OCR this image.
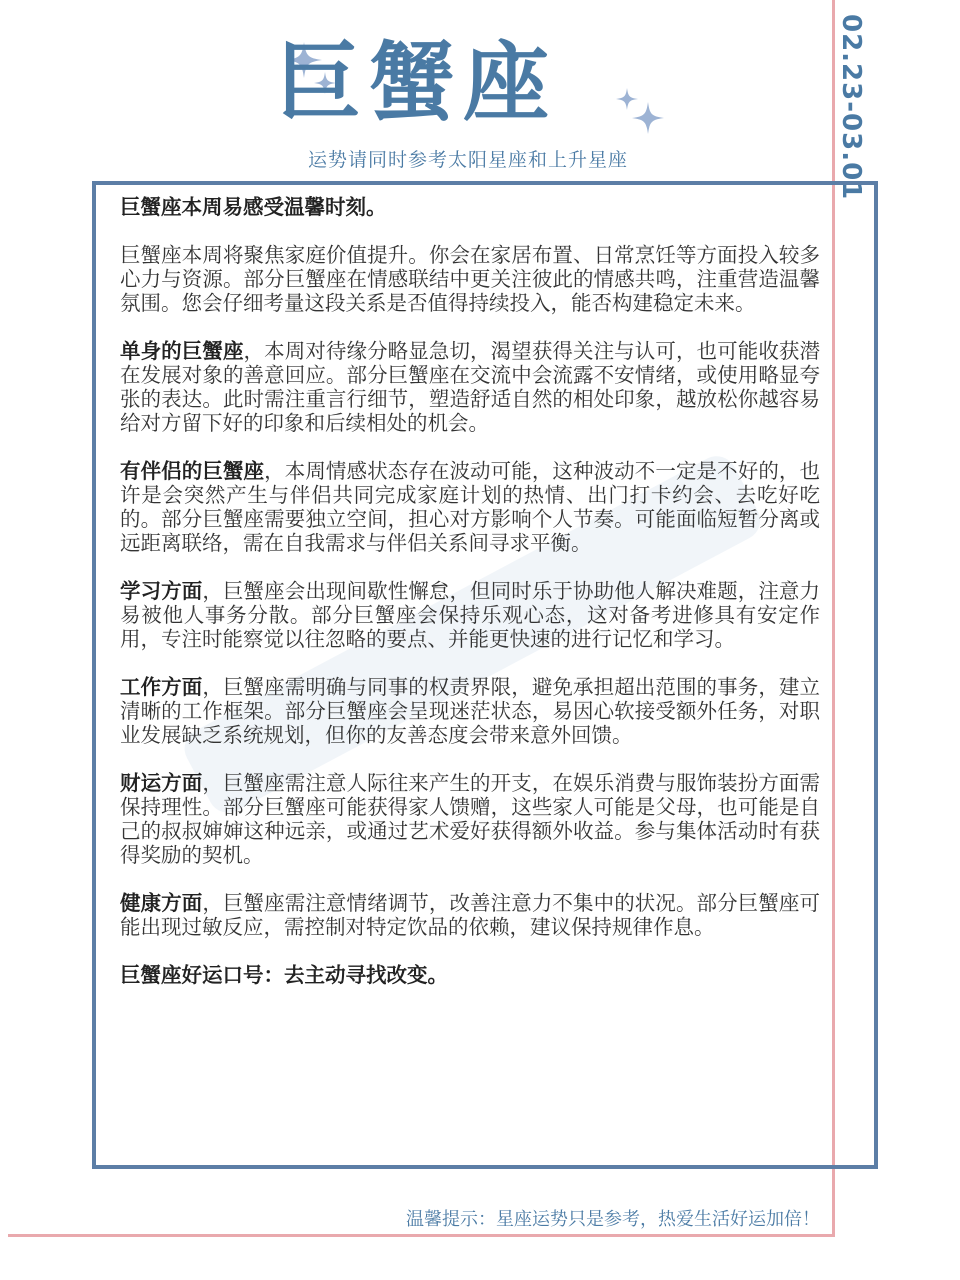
02.23-03.01
巨蟹座
运势请同时参考太阳星座和上升星座

巨蟹座本周易感受温馨时刻。

巨蟹座本周将聚焦家庭价值提升。你会在家居布置、日常烹饪等方面投入较多心力与资源。部分巨蟹座在情感联结中更关注彼此的情感共鸣，注重营造温馨氛围。您会仔细考量这段关系是否值得持续投入，能否构建稳定未来。

单身的巨蟹座，本周对待缘分略显急切，渴望获得关注与认可，也可能收获潜在发展对象的善意回应。部分巨蟹座在交流中会流露不安情绪，或使用略显夸张的表达。此时需注重言行细节，塑造舒适自然的相处印象，越放松你越容易给对方留下好的印象和后续相处的机会。

有伴侣的巨蟹座，本周情感状态存在波动可能，这种波动不一定是不好的，也许是会突然产生与伴侣共同完成家庭计划的热情、出门打卡约会、去吃好吃的。部分巨蟹座需要独立空间，担心对方影响个人节奏。可能面临短暂分离或远距离联络，需在自我需求与伴侣关系间寻求平衡。

学习方面，巨蟹座会出现间歇性懈怠，但同时乐于协助他人解决难题，注意力易被他人事务分散。部分巨蟹座会保持乐观心态，这对备考进修具有安定作用，专注时能察觉以往忽略的要点、并能更快速的进行记忆和学习。

工作方面，巨蟹座需明确与同事的权责界限，避免承担超出范围的事务，建立清晰的工作框架。部分巨蟹座会呈现迷茫状态，易因心软接受额外任务，对职业发展缺乏系统规划，但你的友善态度会带来意外回馈。

财运方面，巨蟹座需注意人际往来产生的开支，在娱乐消费与服饰装扮方面需保持理性。部分巨蟹座可能获得家人馈赠，这些家人可能是父母，也可能是自己的叔叔婶婶这种远亲，或通过艺术爱好获得额外收益。参与集体活动时有获得奖励的契机。

健康方面，巨蟹座需注意情绪调节，改善注意力不集中的状况。部分巨蟹座可能出现过敏反应，需控制对特定饮品的依赖，建议保持规律作息。

巨蟹座好运口号：去主动寻找改变。

温馨提示：星座运势只是参考，热爱生活好运加倍！
